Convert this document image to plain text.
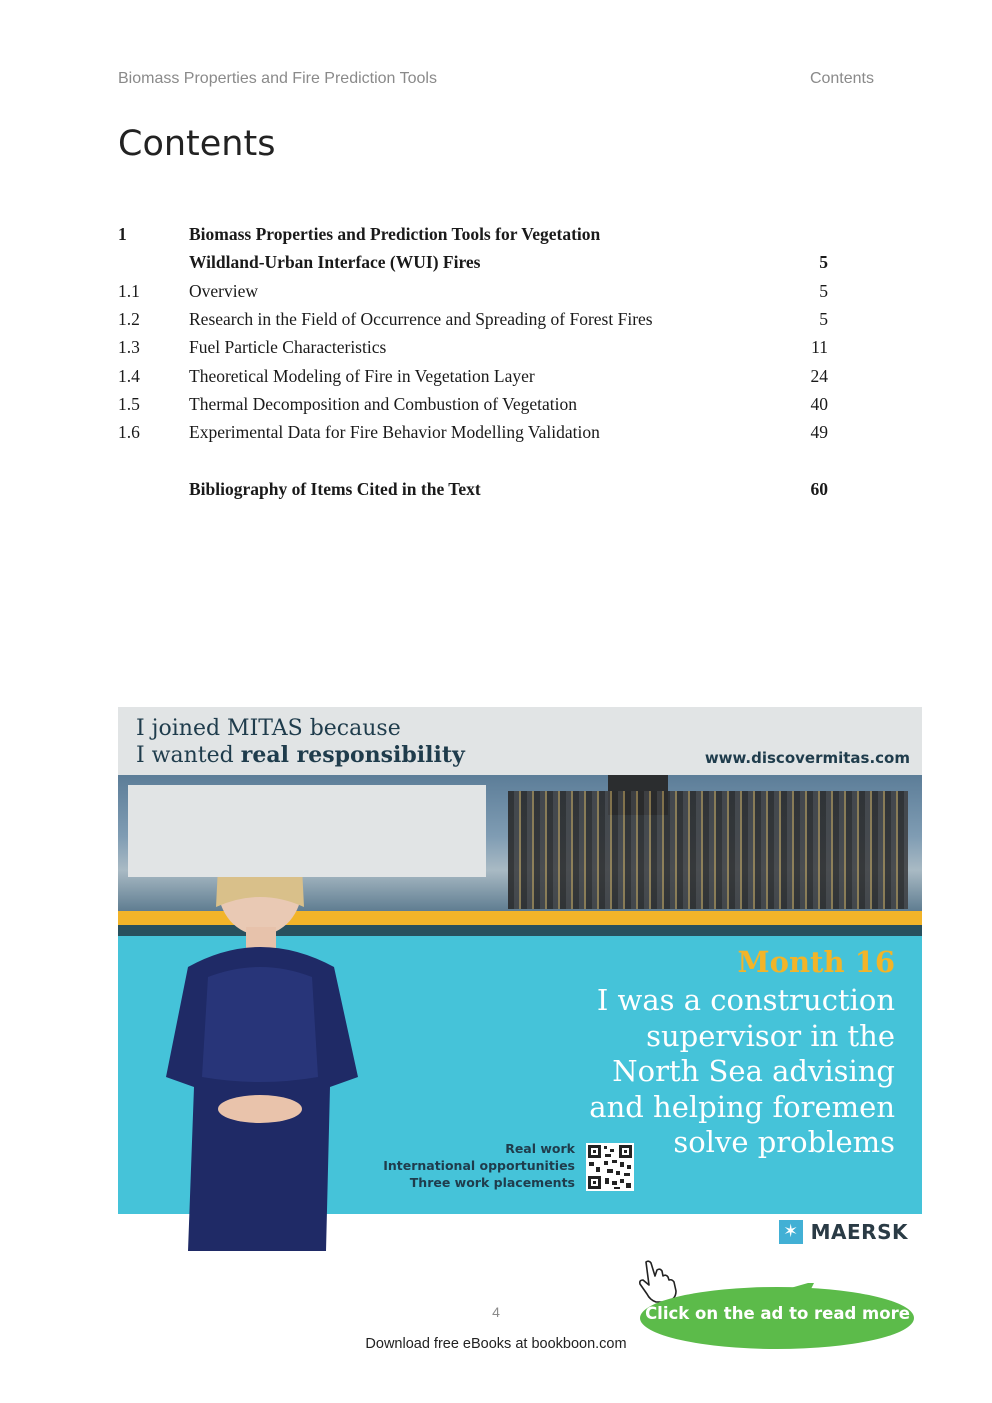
Biomass Properties and Fire Prediction Tools	Contents
Contents
1	Biomass Properties and Prediction Tools for Vegetation
Wildland-Urban Interface (WUI) Fires	5
1.1	Overview	5
1.2	Research in the Field of Occurrence and Spreading of Forest Fires	5
1.3	Fuel Particle Characteristics	11
1.4	Theoretical Modeling of Fire in Vegetation Layer	24
1.5	Thermal Decomposition and Combustion of Vegetation	40
1.6	Experimental Data for Fire Behavior Modelling Validation	49
Bibliography of Items Cited in the Text	60
I joined MITAS because
I wanted real responsibility	www.discovermitas.com
Month 16

I was a construction supervisor in the North Sea advising and helping foremen solve problems

Real work
International opportunities
Three work placements
✶ MAERSK
Click on the ad to read more
4
Download free eBooks at bookboon.com
